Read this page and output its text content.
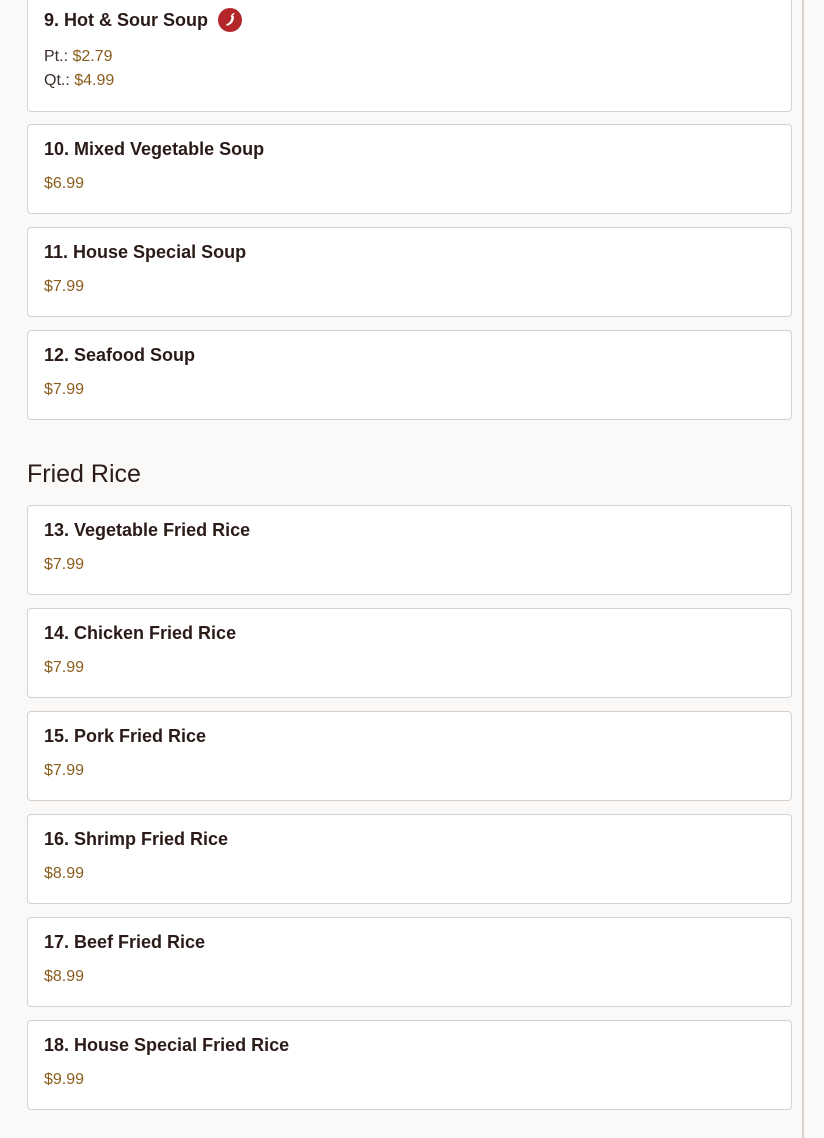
9. Hot & Sour Soup
Pt.: $2.79
Qt.: $4.99
10. Mixed Vegetable Soup
$6.99
11. House Special Soup
$7.99
12. Seafood Soup
$7.99
Fried Rice
13. Vegetable Fried Rice
$7.99
14. Chicken Fried Rice
$7.99
15. Pork Fried Rice
$7.99
16. Shrimp Fried Rice
$8.99
17. Beef Fried Rice
$8.99
18. House Special Fried Rice
$9.99
